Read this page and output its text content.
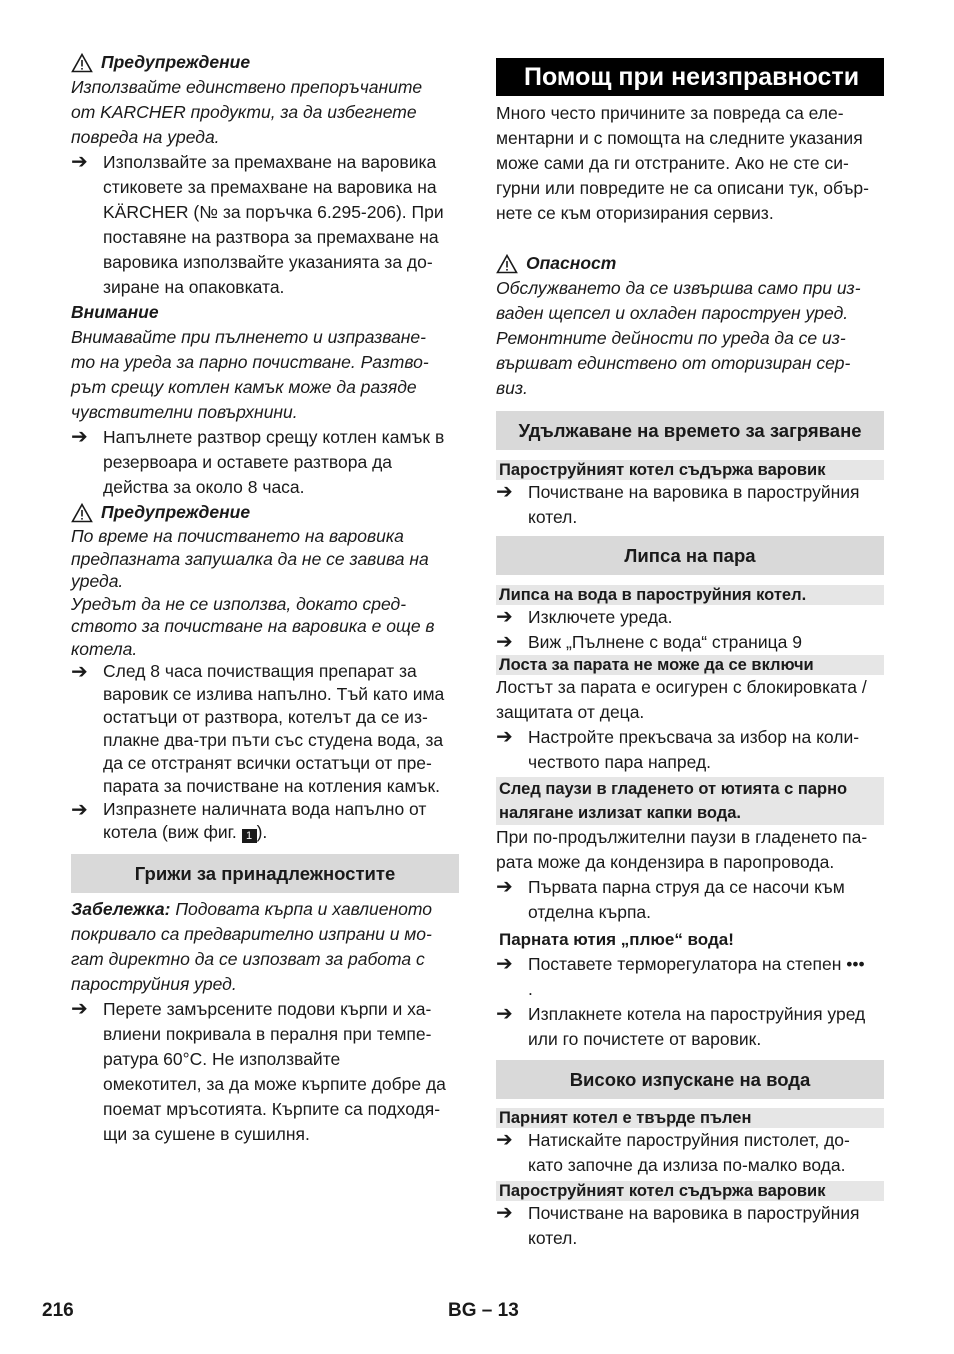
Предупреждение

Използвайте единствено препоръчаните

от KARCHER продукти, за да избегнете

повреда на уреда.

➔ Използвайте за премахване на варовика

стиковете за премахване на варовика на

KÄRCHER (№ за поръчка 6.295-206). При

поставяне на разтвора за премахване на

варовика използвайте указанията за до-

зиране на опаковката.

Внимание

Внимавайте при пълненето и изпразване-

то на уреда за парно почистване. Разтво-

рът срещу котлен камък може да разяде

чувствителни повърхнини.

➔ Напълнете разтвор срещу котлен камък в

резервоара и оставете разтвора да

действа за около 8 часа.

Предупреждение

По време на почистването на варовика

предпазната запушалка да не се завива на

уреда.

Уредът да не се използва, докато сред-

ството за почистване на варовика е още в

котела.

➔ След 8 часа почистващия препарат за

варовик се излива напълно. Тъй като има

остатъци от разтвора, котелът да се из-

плакне два-три пъти със студена вода, за

да се отстранят всички остатъци от пре-

парата за почистване на котления камък.

➔ Изпразнете наличната вода напълно от

котела (виж фиг. 1 ).

Грижи за принадлежностите

Забележка: Подовата кърпа и хавлиеното

покривало са предварително изпрани и мо-

гат директно да се изпозват за работа с

пароструйния уред.

➔ Перете замърсените подови кърпи и ха-

влиени покривала в пералня при темпе-

ратура 60°C. Не използвайте

омекотител, за да може кърпите добре да

поемат мръсотията. Кърпите са подходя-

щи за сушене в сушилня.

Помощ при неизправности

Много често причините за повреда са еле-

ментарни и с помощта на следните указания

може сами да ги отстраните. Ако не сте си-

гурни или повредите не са описани тук, обър-

нете се към оторизирания сервиз.

Опасност

Обслужването да се извършва само при из-

ваден щепсел и охладен пароструен уред.

Ремонтните дейности по уреда да се из-

вършват единствено от оторизиран сер-

виз.

Удължаване на времето за загряване
Пароструйният котел съдържа варовик
➔ Почистване на варовика в пароструйния

котел.

Липса на пара
Липса на вода в пароструйния котел.
➔ Изключете уреда.

➔ Виж „Пълнене с вода“ страница 9

Лоста за парата не може да се включи

Лостът за парата е осигурен с блокировката /

защитата от деца.

➔ Настройте прекъсвача за избор на коли-

чеството пара напред.

След паузи в гладенето от ютията с парно

налягане излизат капки вода.

При по-продължителни паузи в гладенето па-

рата може да кондензира в паропровода.

➔ Първата парна струя да се насочи към

отделна кърпа.

Парната ютия „плюе“ вода!

➔ Поставете терморегулатора на степен •••

.

➔ Изплакнете котела на пароструйния уред

или го почистете от варовик.

Високо изпускане на вода
Парният котел е твърде пълен
➔ Натискайте пароструйния пистолет, до-

като започне да излиза по-малко вода.

Пароструйният котел съдържа варовик
➔ Почистване на варовика в пароструйния

котел.

216	BG – 13
